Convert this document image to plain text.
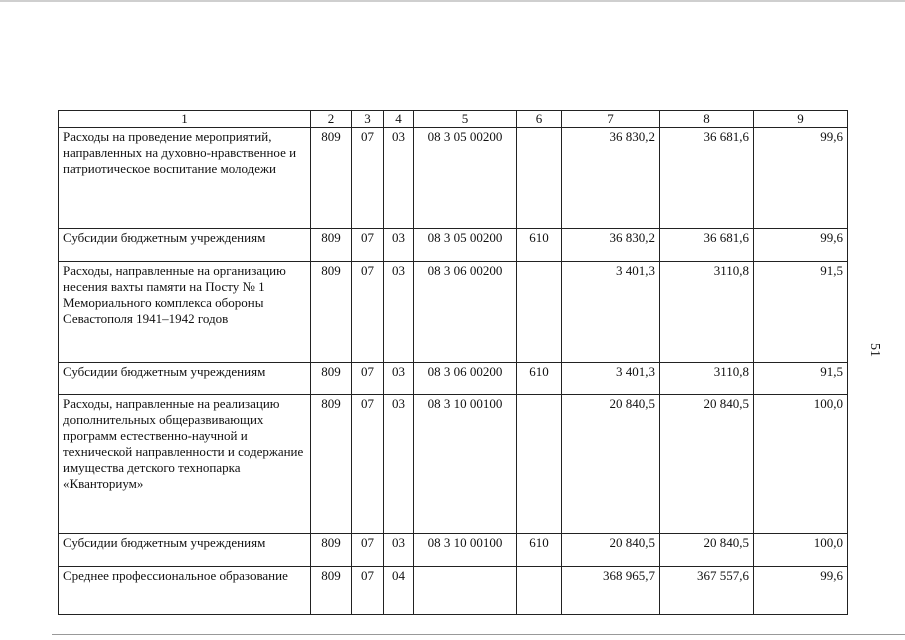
1	2	3	4	5	6	7	8	9
Расходы на проведение мероприятий, направленных на духовно-нравственное и патриотическое воспитание молодежи	809	07	03	08 3 05 00200		36 830,2	36 681,6	99,6
Субсидии бюджетным учреждениям	809	07	03	08 3 05 00200	610	36 830,2	36 681,6	99,6
Расходы, направленные на организацию несения вахты памяти на Посту № 1 Мемориального комплекса обороны Севастополя 1941–1942 годов	809	07	03	08 3 06 00200		3 401,3	3110,8	91,5
Субсидии бюджетным учреждениям	809	07	03	08 3 06 00200	610	3 401,3	3110,8	91,5
Расходы, направленные на реализацию дополнительных общеразвивающих программ естественно-научной и технической направленности и содержание имущества детского технопарка «Кванториум»	809	07	03	08 3 10 00100		20 840,5	20 840,5	100,0
Субсидии бюджетным учреждениям	809	07	03	08 3 10 00100	610	20 840,5	20 840,5	100,0
Среднее профессиональное образование	809	07	04			368 965,7	367 557,6	99,6
51
